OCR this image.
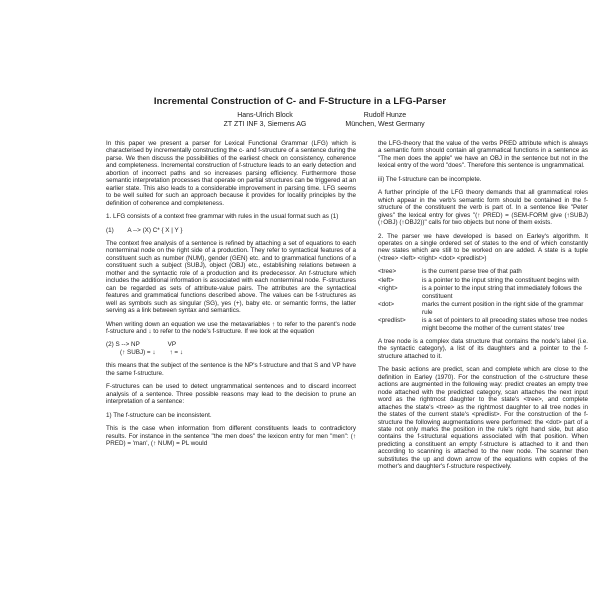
Incremental Construction of C- and F-Structure in a LFG-Parser
Hans-Ulrich Block
ZT ZTI INF 3, Siemens AG
Rudolf Hunze
München, West Germany

In this paper we present a parser for Lexical Functional Grammar (LFG) which is characterised by incrementally constructing the c- and f-structure of a sentence during the parse. We then discuss the possibilities of the earliest check on consistency, coherence and completeness. Incremental construction of f-structure leads to an early detection and abortion of incorrect paths and so increases parsing efficiency. Furthermore those semantic interpretation processes that operate on partial structures can be triggered at an earlier state. This also leads to a considerable improvement in parsing time. LFG seems to be well suited for such an approach because it provides for locality principles by the definition of coherence and completeness.

1. LFG consists of a context free grammar with rules in the usual format such as (1)

(1)        A --> (X) C* { X | Y }

The context free analysis of a sentence is refined by attaching a set of equations to each nonterminal node on the right side of a production. They refer to syntactical features of a constituent such as number (NUM), gender (GEN) etc. and to grammatical functions of a constituent such a subject (SUBJ), object (OBJ) etc., establishing relations between a mother and the syntactic role of a production and its predecessor. An f-structure which includes the additional information is associated with each nonterminal node. F-structures can be regarded as sets of attribute-value pairs. The attributes are the syntactical features and grammatical functions described above. The values can be f-structures as well as symbols such as singular (SG), yes (+), baby etc. or semantic forms, the latter serving as a link between syntax and semantics.

When writing down an equation we use the metavariables ↑ to refer to the parent's node f-structure and ↓ to refer to the node's f-structure. If we look at the equation

(2) S --> NP                VP
(↑ SUBJ) = ↓        ↑ = ↓

this means that the subject of the sentence is the NP's f-structure and that S and VP have the same f-structure.

F-structures can be used to detect ungrammatical sentences and to discard incorrect analysis of a sentence. Three possible reasons may lead to the decision to prune an interpretation of a sentence:

1) The f-structure can be inconsistent.

This is the case when information from different constituents leads to contradictory results. For instance in the sentence "the men does" the lexicon entry for men "men": (↑ PRED) = 'man', (↑ NUM) = PL would

the LFG-theory that the value of the verbs PRED attribute which is always a semantic form should contain all grammatical functions in a sentence as "The men does the apple" we have an OBJ in the sentence but not in the lexical entry of the word "does". Therefore this sentence is ungrammatical.

iii) The f-structure can be incomplete.

A further principle of the LFG theory demands that all grammatical roles which appear in the verb's semantic form should be contained in the f-structure of the constituent the verb is part of. In a sentence like "Peter gives" the lexical entry for gives "(↑ PRED) = (SEM-FORM give (↑SUBJ) (↑OBJ) (↑OBJ2))" calls for two objects but none of them exists.

2. The parser we have developed is based on Earley's algorithm. It operates on a single ordered set of states to the end of which constantly new states which are still to be worked on are added. A state is a tuple (<tree> <left> <right> <dot> <predlist>)

<tree>	is the current parse tree of that path
<left>	is a pointer to the input string the constituent begins with
<right>	is a pointer to the input string that immediately follows the constituent
<dot>	marks the current position in the right side of the grammar rule
<predlist>	is a set of pointers to all preceding states whose tree nodes might become the mother of the current states' tree

A tree node is a complex data structure that contains the node's label (i.e. the syntactic category), a list of its daughters and a pointer to the f-structure attached to it.

The basic actions are predict, scan and complete which are close to the definition in Earley (1970). For the construction of the c-structure these actions are augmented in the following way: predict creates an empty tree node attached with the predicted category, scan attaches the next input word as the rightmost daughter to the state's <tree>, and complete attaches the state's <tree> as the rightmost daughter to all tree nodes in the states of the current state's <predlist>. For the construction of the f-structure the following augmentations were performed: the <dot> part of a state not only marks the position in the rule's right hand side, but also contains the f-structural equations associated with that position. When predicting a constituent an empty f-structure is attached to it and then according to scanning is attached to the new node. The scanner then substitutes the up and down arrow of the equations with copies of the mother's and daughter's f-structure respectively.
